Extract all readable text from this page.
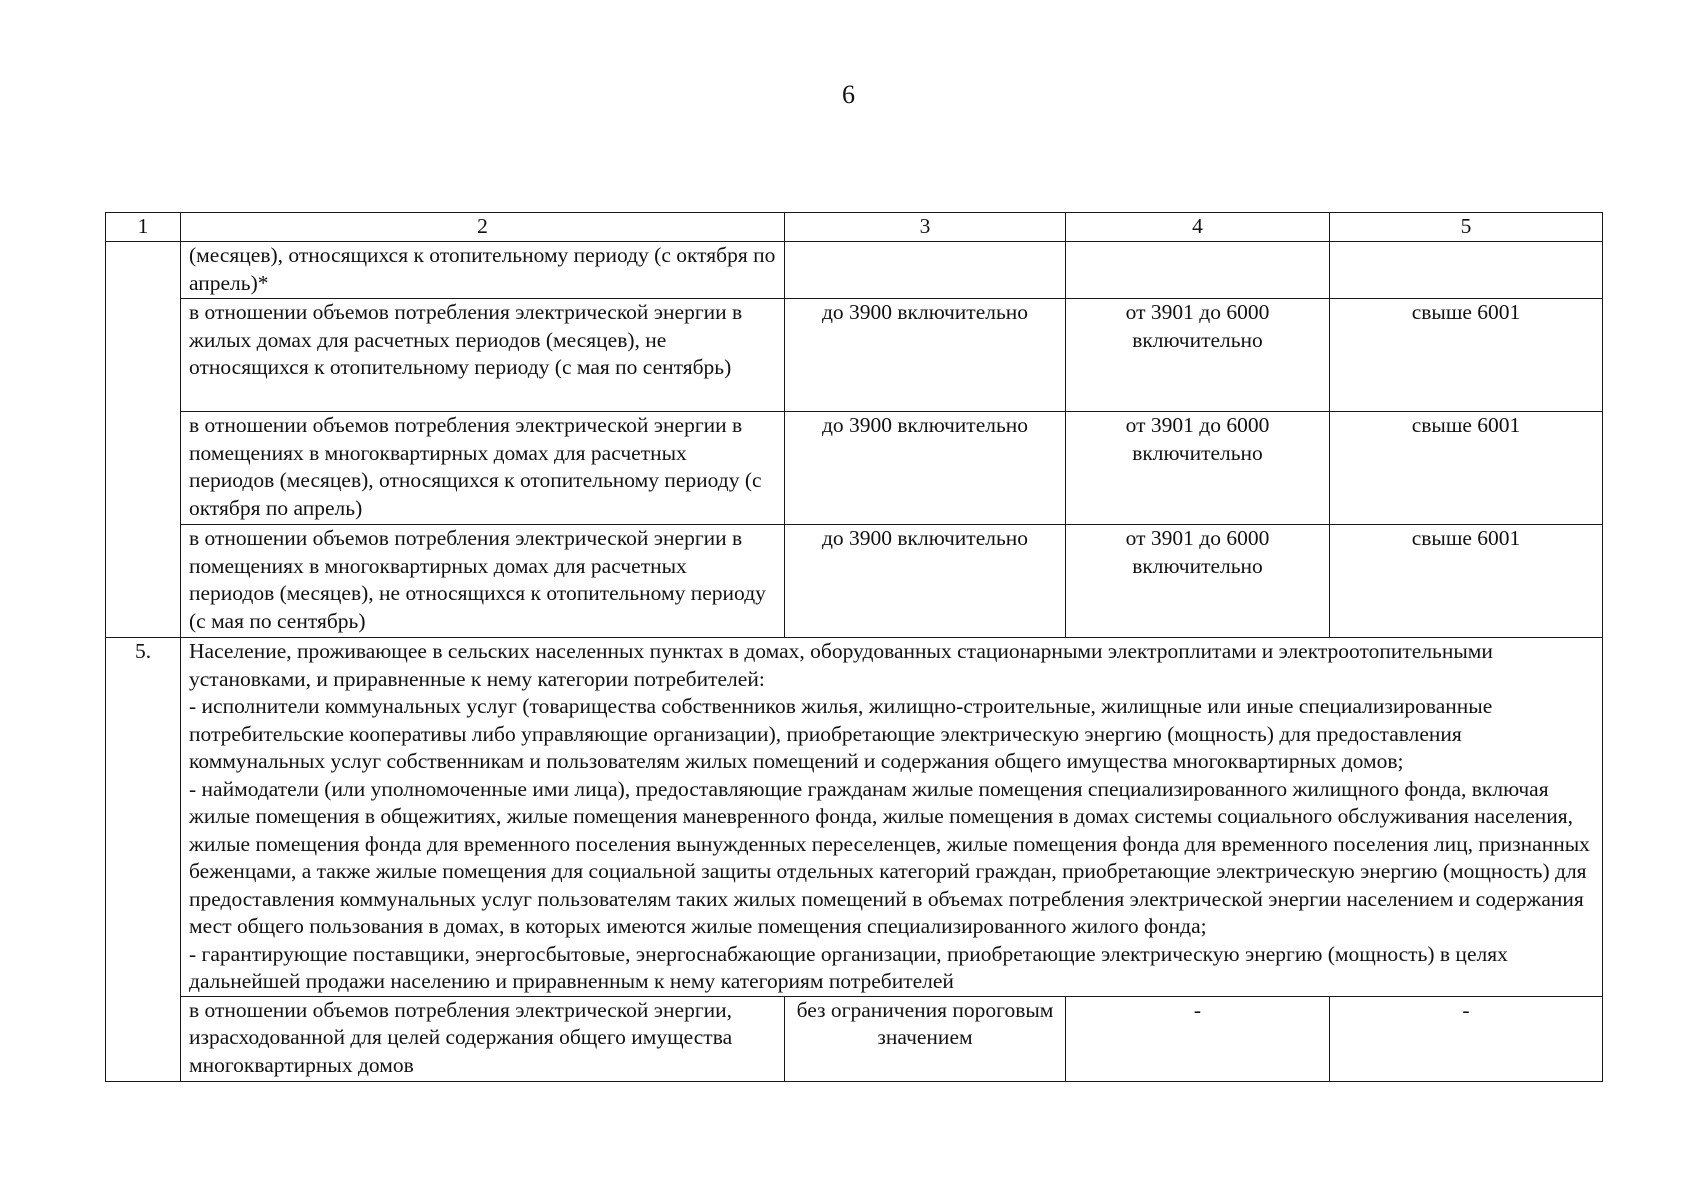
6
1	2	3	4	5
	(месяцев), относящихся к отопительному периоду (с октября по апрель)*			
	в отношении объемов потребления электрической энергии в жилых домах для расчетных периодов (месяцев), не относящихся к отопительному периоду (с мая по сентябрь)	до 3900 включительно	от 3901 до 6000 включительно	свыше 6001
	в отношении объемов потребления электрической энергии в помещениях в многоквартирных домах для расчетных периодов (месяцев), относящихся к отопительному периоду (с октября по апрель)	до 3900 включительно	от 3901 до 6000 включительно	свыше 6001
	в отношении объемов потребления электрической энергии в помещениях в многоквартирных домах для расчетных периодов (месяцев), не относящихся к отопительному периоду (с мая по сентябрь)	до 3900 включительно	от 3901 до 6000 включительно	свыше 6001
5.	Население, проживающее в сельских населенных пунктах в домах, оборудованных стационарными электроплитами и электроотопительными установками, и приравненные к нему категории потребителей:
- исполнители коммунальных услуг (товарищества собственников жилья, жилищно-строительные, жилищные или иные специализированные потребительские кооперативы либо управляющие организации), приобретающие электрическую энергию (мощность) для предоставления коммунальных услуг собственникам и пользователям жилых помещений и содержания общего имущества многоквартирных домов;
- наймодатели (или уполномоченные ими лица), предоставляющие гражданам жилые помещения специализированного жилищного фонда, включая жилые помещения в общежитиях, жилые помещения маневренного фонда, жилые помещения в домах системы социального обслуживания населения, жилые помещения фонда для временного поселения вынужденных переселенцев, жилые помещения фонда для временного поселения лиц, признанных беженцами, а также жилые помещения для социальной защиты отдельных категорий граждан, приобретающие электрическую энергию (мощность) для предоставления коммунальных услуг пользователям таких жилых помещений в объемах потребления электрической энергии населением и содержания мест общего пользования в домах, в которых имеются жилые помещения специализированного жилого фонда;
- гарантирующие поставщики, энергосбытовые, энергоснабжающие организации, приобретающие электрическую энергию (мощность) в целях дальнейшей продажи населению и приравненным к нему категориям потребителей			

	в отношении объемов потребления электрической энергии, израсходованной для целей содержания общего имущества многоквартирных домов	без ограничения пороговым значением	-	-
